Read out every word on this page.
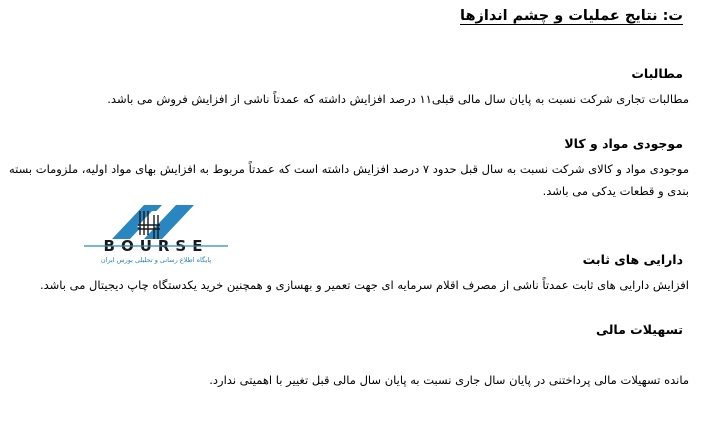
ت: نتایج عملیات و چشم اندازها
مطالبات

مطالبات تجاری شرکت نسبت به پایان سال مالی قبلی۱۱ درصد افزایش داشته که عمدتاً ناشی از افزایش فروش می باشد.

موجودی مواد و کالا

موجودی مواد و کالای شرکت نسبت به سال قبل حدود ۷ درصد افزایش داشته است که عمدتاً مربوط به افزایش بهای مواد اولیه، ملزومات بسته بندی و قطعات یدکی می باشد.

دارایی های ثابت

افزایش دارایی های ثابت عمدتاً ناشی از مصرف اقلام سرمایه ای جهت تعمیر و بهسازی و همچنین خرید یکدستگاه چاپ دیجیتال می باشد.

تسهیلات مالی

مانده تسهیلات مالی پرداختنی در پایان سال جاری نسبت به پایان سال مالی قبل تغییر با اهمیتی ندارد.

BOURSE
پایگاه اطلاع رسانی و تحلیلی بورس ایران
